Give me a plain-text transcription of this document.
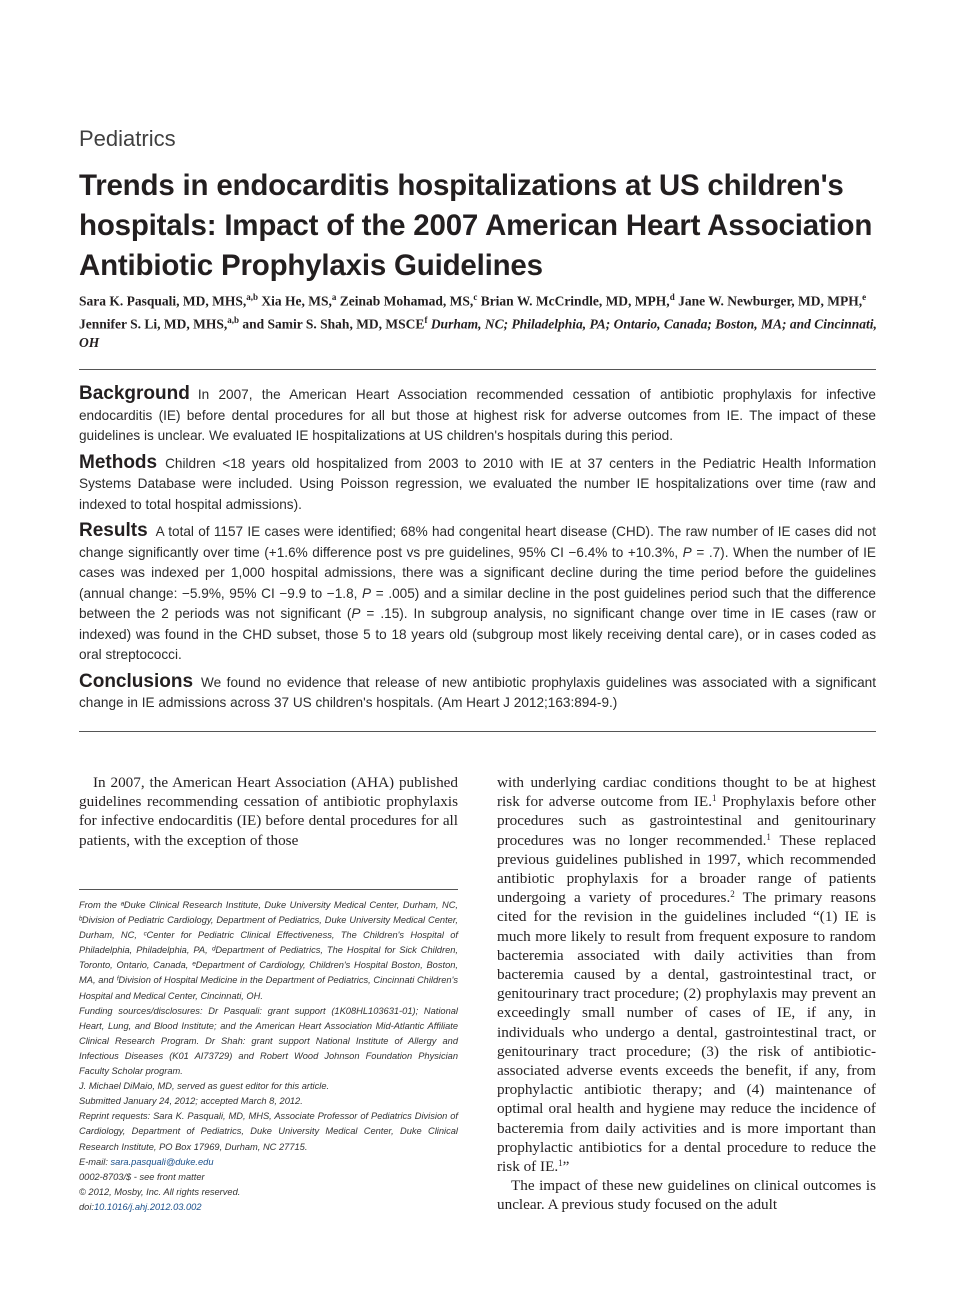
Pediatrics
Trends in endocarditis hospitalizations at US children's hospitals: Impact of the 2007 American Heart Association Antibiotic Prophylaxis Guidelines
Sara K. Pasquali, MD, MHS,$^{a,b}$ Xia He, MS,$^a$ Zeinab Mohamad, MS,$^c$ Brian W. McCrindle, MD, MPH,$^d$ Jane W. Newburger, MD, MPH,$^e$ Jennifer S. Li, MD, MHS,$^{a,b}$ and Samir S. Shah, MD, MSCE$^f$ Durham, NC; Philadelphia, PA; Ontario, Canada; Boston, MA; and Cincinnati, OH

Background In 2007, the American Heart Association recommended cessation of antibiotic prophylaxis for infective endocarditis (IE) before dental procedures for all but those at highest risk for adverse outcomes from IE. The impact of these guidelines is unclear. We evaluated IE hospitalizations at US children's hospitals during this period.

Methods Children <18 years old hospitalized from 2003 to 2010 with IE at 37 centers in the Pediatric Health Information Systems Database were included. Using Poisson regression, we evaluated the number IE hospitalizations over time (raw and indexed to total hospital admissions).

Results A total of 1157 IE cases were identified; 68% had congenital heart disease (CHD). The raw number of IE cases did not change significantly over time (+1.6% difference post vs pre guidelines, 95% CI −6.4% to +10.3%, P = .7). When the number of IE cases was indexed per 1,000 hospital admissions, there was a significant decline during the time period before the guidelines (annual change: −5.9%, 95% CI −9.9 to −1.8, P = .005) and a similar decline in the post guidelines period such that the difference between the 2 periods was not significant (P = .15). In subgroup analysis, no significant change over time in IE cases (raw or indexed) was found in the CHD subset, those 5 to 18 years old (subgroup most likely receiving dental care), or in cases coded as oral streptococci.

Conclusions We found no evidence that release of new antibiotic prophylaxis guidelines was associated with a significant change in IE admissions across 37 US children's hospitals. (Am Heart J 2012;163:894-9.)

In 2007, the American Heart Association (AHA) published guidelines recommending cessation of antibiotic prophylaxis for infective endocarditis (IE) before dental procedures for all patients, with the exception of those

From the ᵃDuke Clinical Research Institute, Duke University Medical Center, Durham, NC, ᵇDivision of Pediatric Cardiology, Department of Pediatrics, Duke University Medical Center, Durham, NC, ᶜCenter for Pediatric Clinical Effectiveness, The Children's Hospital of Philadelphia, Philadelphia, PA, ᵈDepartment of Pediatrics, The Hospital for Sick Children, Toronto, Ontario, Canada, ᵉDepartment of Cardiology, Children's Hospital Boston, Boston, MA, and ᶠDivision of Hospital Medicine in the Department of Pediatrics, Cincinnati Children's Hospital and Medical Center, Cincinnati, OH.

Funding sources/disclosures: Dr Pasquali: grant support (1K08HL103631-01); National Heart, Lung, and Blood Institute; and the American Heart Association Mid-Atlantic Affiliate Clinical Research Program. Dr Shah: grant support National Institute of Allergy and Infectious Diseases (K01 AI73729) and Robert Wood Johnson Foundation Physician Faculty Scholar program.

J. Michael DiMaio, MD, served as guest editor for this article.

Submitted January 24, 2012; accepted March 8, 2012.

Reprint requests: Sara K. Pasquali, MD, MHS, Associate Professor of Pediatrics Division of Cardiology, Department of Pediatrics, Duke University Medical Center, Duke Clinical Research Institute, PO Box 17969, Durham, NC 27715.

E-mail: sara.pasquali@duke.edu

0002-8703/$ - see front matter

© 2012, Mosby, Inc. All rights reserved.

doi:10.1016/j.ahj.2012.03.002

with underlying cardiac conditions thought to be at highest risk for adverse outcome from IE.$^1$ Prophylaxis before other procedures such as gastrointestinal and genitourinary procedures was no longer recommended.$^1$ These replaced previous guidelines published in 1997, which recommended antibiotic prophylaxis for a broader range of patients undergoing a variety of procedures.$^2$ The primary reasons cited for the revision in the guidelines included “(1) IE is much more likely to result from frequent exposure to random bacteremia associated with daily activities than from bacteremia caused by a dental, gastrointestinal tract, or genitourinary tract procedure; (2) prophylaxis may prevent an exceedingly small number of cases of IE, if any, in individuals who undergo a dental, gastrointestinal tract, or genitourinary tract procedure; (3) the risk of antibiotic-associated adverse events exceeds the benefit, if any, from prophylactic antibiotic therapy; and (4) maintenance of optimal oral health and hygiene may reduce the incidence of bacteremia from daily activities and is more important than prophylactic antibiotics for a dental procedure to reduce the risk of IE.$^1$”

The impact of these new guidelines on clinical outcomes is unclear. A previous study focused on the adult
